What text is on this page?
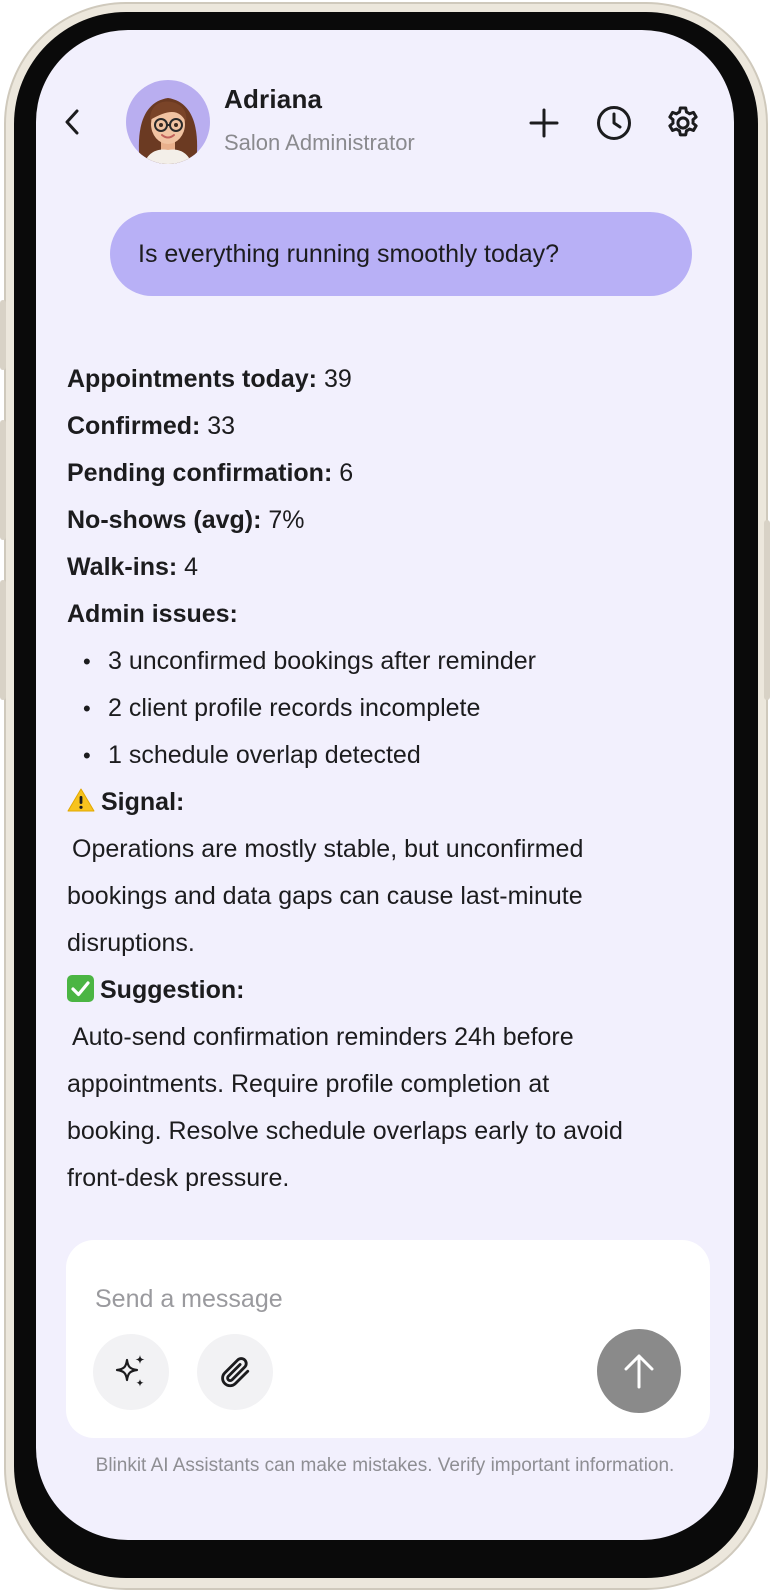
Adriana
Salon Administrator
Is everything running smoothly today?
Appointments today: 39
Confirmed: 33
Pending confirmation: 6
No-shows (avg): 7%
Walk-ins: 4
Admin issues:
• 3 unconfirmed bookings after reminder
• 2 client profile records incomplete
• 1 schedule overlap detected
Signal:
Operations are mostly stable, but unconfirmed
bookings and data gaps can cause last-minute
disruptions.
Suggestion:
Auto-send confirmation reminders 24h before
appointments. Require profile completion at
booking. Resolve schedule overlaps early to avoid
front-desk pressure.
Send a message
Blinkit AI Assistants can make mistakes. Verify important information.
